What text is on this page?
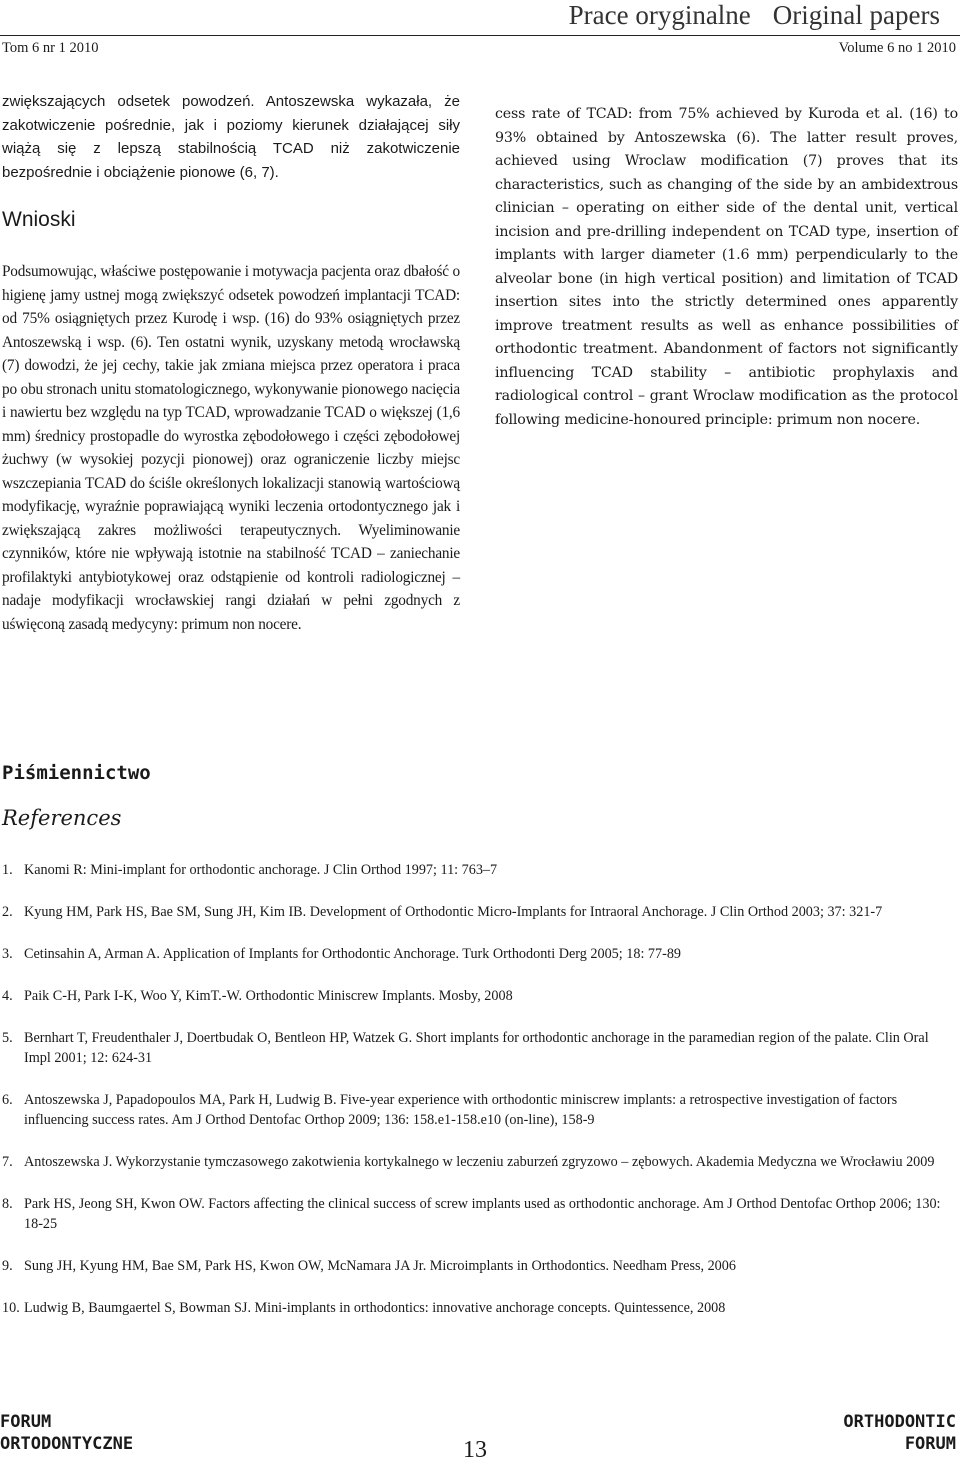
Prace oryginalne Original papers
Tom 6 nr 1 2010	Volume 6 no 1 2010

zwiększających odsetek powodzeń. Antoszewska wykazała, że zakotwiczenie pośrednie, jak i poziomy kierunek działającej siły wiążą się z lepszą stabilnością TCAD niż zakotwiczenie bezpośrednie i obciążenie pionowe (6, 7).

Wnioski

Podsumowując, właściwe postępowanie i motywacja pacjenta oraz dbałość o higienę jamy ustnej mogą zwiększyć odsetek powodzeń implantacji TCAD: od 75% osiągniętych przez Kurodę i wsp. (16) do 93% osiągniętych przez Antoszewską i wsp. (6). Ten ostatni wynik, uzyskany metodą wrocławską (7) dowodzi, że jej cechy, takie jak zmiana miejsca przez operatora i praca po obu stronach unitu stomatologicznego, wykonywanie pionowego nacięcia i nawiertu bez względu na typ TCAD, wprowadzanie TCAD o większej (1,6 mm) średnicy prostopadle do wyrostka zębodołowego i części zębodołowej żuchwy (w wysokiej pozycji pionowej) oraz ograniczenie liczby miejsc wszczepiania TCAD do ściśle określonych lokalizacji stanowią wartościową modyfikację, wyraźnie poprawiającą wyniki leczenia ortodontycznego jak i zwiększającą zakres możliwości terapeutycznych. Wyeliminowanie czynników, które nie wpływają istotnie na stabilność TCAD – zaniechanie profilaktyki antybiotykowej oraz odstąpienie od kontroli radiologicznej – nadaje modyfikacji wrocławskiej rangi działań w pełni zgodnych z uświęconą zasadą medycyny: primum non nocere.

cess rate of TCAD: from 75% achieved by Kuroda et al. (16) to 93% obtained by Antoszewska (6). The latter result proves, achieved using Wroclaw modification (7) proves that its characteristics, such as changing of the side by an ambidextrous clinician – operating on either side of the dental unit, vertical incision and pre-drilling independent on TCAD type, insertion of implants with larger diameter (1.6 mm) perpendicularly to the alveolar bone (in high vertical position) and limitation of TCAD insertion sites into the strictly determined ones apparently improve treatment results as well as enhance possibilities of orthodontic treatment. Abandonment of factors not significantly influencing TCAD stability – antibiotic prophylaxis and radiological control – grant Wroclaw modification as the protocol following medicine-honoured principle: primum non nocere.

Piśmiennictwo
References
1. Kanomi R: Mini-implant for orthodontic anchorage. J Clin Orthod 1997; 11: 763–7
2. Kyung HM, Park HS, Bae SM, Sung JH, Kim IB. Development of Orthodontic Micro-Implants for Intraoral Anchorage. J Clin Orthod 2003; 37: 321-7
3. Cetinsahin A, Arman A. Application of Implants for Orthodontic Anchorage. Turk Orthodonti Derg 2005; 18: 77-89
4. Paik C-H, Park I-K, Woo Y, KimT.-W. Orthodontic Miniscrew Implants. Mosby, 2008
5. Bernhart T, Freudenthaler J, Doertbudak O, Bentleon HP, Watzek G. Short implants for orthodontic anchorage in the paramedian region of the palate. Clin Oral Impl 2001; 12: 624-31
6. Antoszewska J, Papadopoulos MA, Park H, Ludwig B. Five-year experience with orthodontic miniscrew implants: a retrospective investigation of factors influencing success rates. Am J Orthod Dentofac Orthop 2009; 136: 158.e1-158.e10 (on-line), 158-9
7. Antoszewska J. Wykorzystanie tymczasowego zakotwienia kortykalnego w leczeniu zaburzeń zgryzowo – zębowych. Akademia Medyczna we Wrocławiu 2009
8. Park HS, Jeong SH, Kwon OW. Factors affecting the clinical success of screw implants used as orthodontic anchorage. Am J Orthod Dentofac Orthop 2006; 130: 18-25
9. Sung JH, Kyung HM, Bae SM, Park HS, Kwon OW, McNamara JA Jr. Microimplants in Orthodontics. Needham Press, 2006
10. Ludwig B, Baumgaertel S, Bowman SJ. Mini-implants in orthodontics: innovative anchorage concepts. Quintessence, 2008
FORUM
ORTODONTYCZNE	13
ORTHODONTIC
FORUM
